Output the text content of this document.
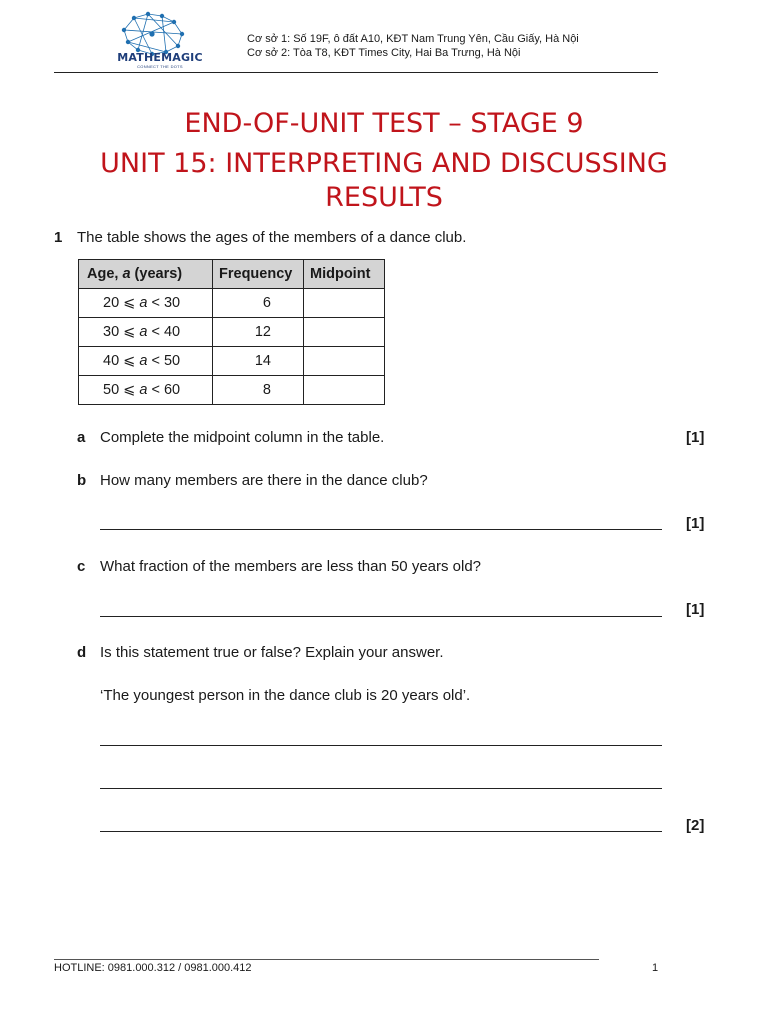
MATHEMAGIC
CONNECT THE DOTS
Cơ sở 1: Số 19F, ô đất A10, KĐT Nam Trung Yên, Cầu Giấy, Hà Nội
Cơ sở 2: Tòa T8, KĐT Times City, Hai Ba Trưng, Hà Nội
END-OF-UNIT TEST – STAGE 9
UNIT 15: INTERPRETING AND DISCUSSING
RESULTS
1 The table shows the ages of the members of a dance club.
Age, a (years)	Frequency	Midpoint
20 ⩽ a < 30	6	
30 ⩽ a < 40	12	
40 ⩽ a < 50	14	
50 ⩽ a < 60	8	
a Complete the midpoint column in the table.	[1]
b How many members are there in the dance club?
[1]
c What fraction of the members are less than 50 years old?
[1]
d Is this statement true or false? Explain your answer.
‘The youngest person in the dance club is 20 years old’.
[2]
HOTLINE: 0981.000.312 / 0981.000.412	1
